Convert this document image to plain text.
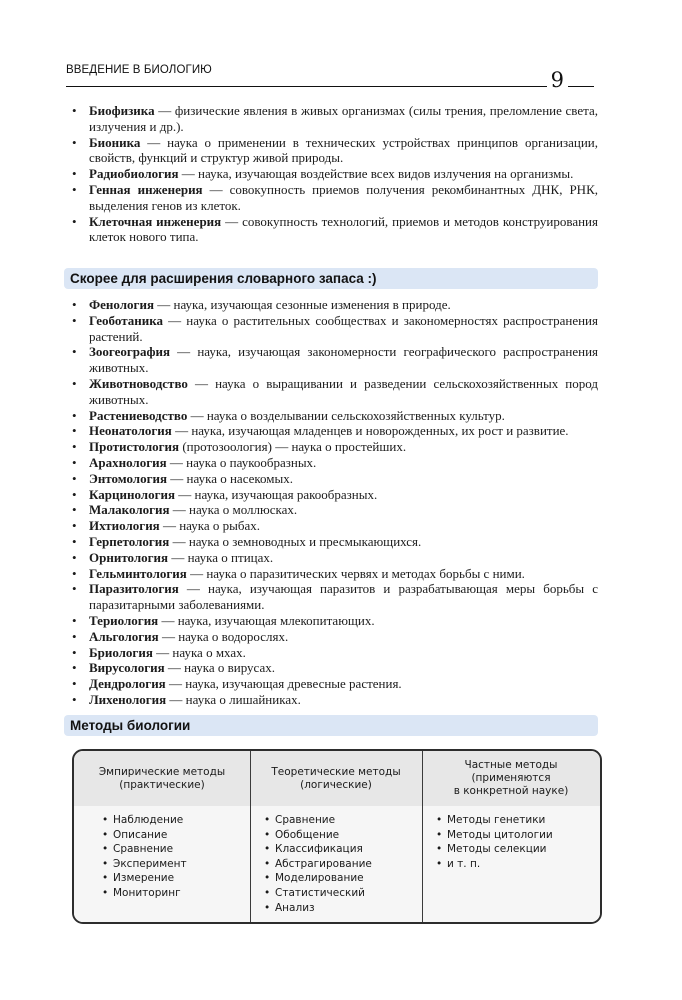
ВВЕДЕНИЕ В БИОЛОГИЮ	9
• Биофизика — физические явления в живых организмах (силы трения, преломление света, излучения и др.).
• Бионика — наука о применении в технических устройствах принципов организации, свойств, функций и структур живой природы.
• Радиобиология — наука, изучающая воздействие всех видов излучения на организмы.
• Генная инженерия — совокупность приемов получения рекомбинантных ДНК, РНК, выделения генов из клеток.
• Клеточная инженерия — совокупность технологий, приемов и методов конструирования клеток нового типа.
Скорее для расширения словарного запаса :)
• Фенология — наука, изучающая сезонные изменения в природе.
• Геоботаника — наука о растительных сообществах и закономерностях распространения растений.
• Зоогеография — наука, изучающая закономерности географического распространения животных.
• Животноводство — наука о выращивании и разведении сельскохозяйственных пород животных.
• Растениеводство — наука о возделывании сельскохозяйственных культур.
• Неонатология — наука, изучающая младенцев и новорожденных, их рост и развитие.
• Протистология (протозоология) — наука о простейших.
• Арахнология — наука о паукообразных.
• Энтомология — наука о насекомых.
• Карцинология — наука, изучающая ракообразных.
• Малакология — наука о моллюсках.
• Ихтиология — наука о рыбах.
• Герпетология — наука о земноводных и пресмыкающихся.
• Орнитология — наука о птицах.
• Гельминтология — наука о паразитических червях и методах борьбы с ними.
• Паразитология — наука, изучающая паразитов и разрабатывающая меры борьбы с паразитарными заболеваниями.
• Териология — наука, изучающая млекопитающих.
• Альгология — наука о водорослях.
• Бриология — наука о мхах.
• Вирусология — наука о вирусах.
• Дендрология — наука, изучающая древесные растения.
• Лихенология — наука о лишайниках.
Методы биологии
Эмпирические методы
(практические)
• Наблюдение
• Описание
• Сравнение
• Эксперимент
• Измерение
• Мониторинг
Теоретические методы
(логические)
• Сравнение
• Обобщение
• Классификация
• Абстрагирование
• Моделирование
• Статистический
• Анализ
Частные методы
(применяются
в конкретной науке)
• Методы генетики
• Методы цитологии
• Методы селекции
• и т. п.
